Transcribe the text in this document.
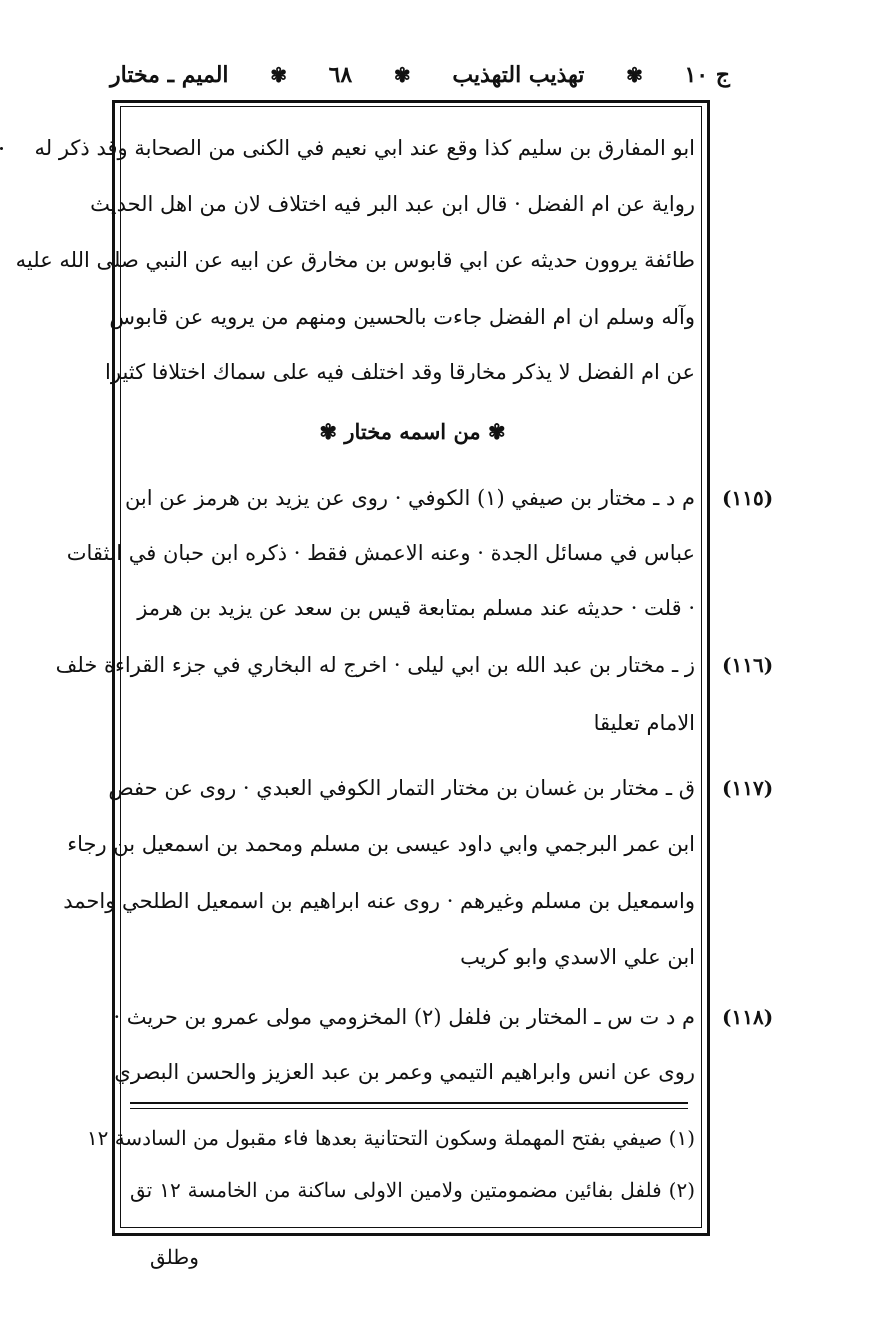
ج ١٠
✾
تهذيب التهذيب
✾
٦٨
✾
الميم ـ مختار
ابو المفارق بن سليم كذا وقع عند ابي نعيم في الكنى من الصحابة وقد ذكر له
رواية عن ام الفضل · قال ابن عبد البر فيه اختلاف لان من اهل الحديث
طائفة يروون حديثه عن ابي قابوس بن مخارق عن ابيه عن النبي صلى الله عليه
وآله وسلم ان ام الفضل جاءت بالحسين ومنهم من يرويه عن قابوس
عن ام الفضل لا يذكر مخارقا وقد اختلف فيه على سماك اختلافا كثيرا
✾ من اسمه مختار ✾
(١١٥)
م د ـ مختار بن صيفي (١) الكوفي · روى عن يزيد بن هرمز عن ابن
عباس في مسائل الجدة · وعنه الاعمش فقط · ذكره ابن حبان في الثقات
· قلت · حديثه عند مسلم بمتابعة قيس بن سعد عن يزيد بن هرمز
(١١٦)
ز ـ مختار بن عبد الله بن ابي ليلى · اخرج له البخاري في جزء القراءة خلف
الامام تعليقا
(١١٧)
ق ـ مختار بن غسان بن مختار التمار الكوفي العبدي · روى عن حفص
ابن عمر البرجمي وابي داود عيسى بن مسلم ومحمد بن اسمعيل بن رجاء
واسمعيل بن مسلم وغيرهم · روى عنه ابراهيم بن اسمعيل الطلحي واحمد
ابن علي الاسدي وابو كريب
(١١٨)
م د ت س ـ المختار بن فلفل (٢) المخزومي مولى عمرو بن حريث ·
روى عن انس وابراهيم التيمي وعمر بن عبد العزيز والحسن البصري
(١) صيفي بفتح المهملة وسكون التحتانية بعدها فاء مقبول من السادسة ١٢
(٢) فلفل بفائين مضمومتين ولامين الاولى ساكنة من الخامسة ١٢ تق
وطلق
